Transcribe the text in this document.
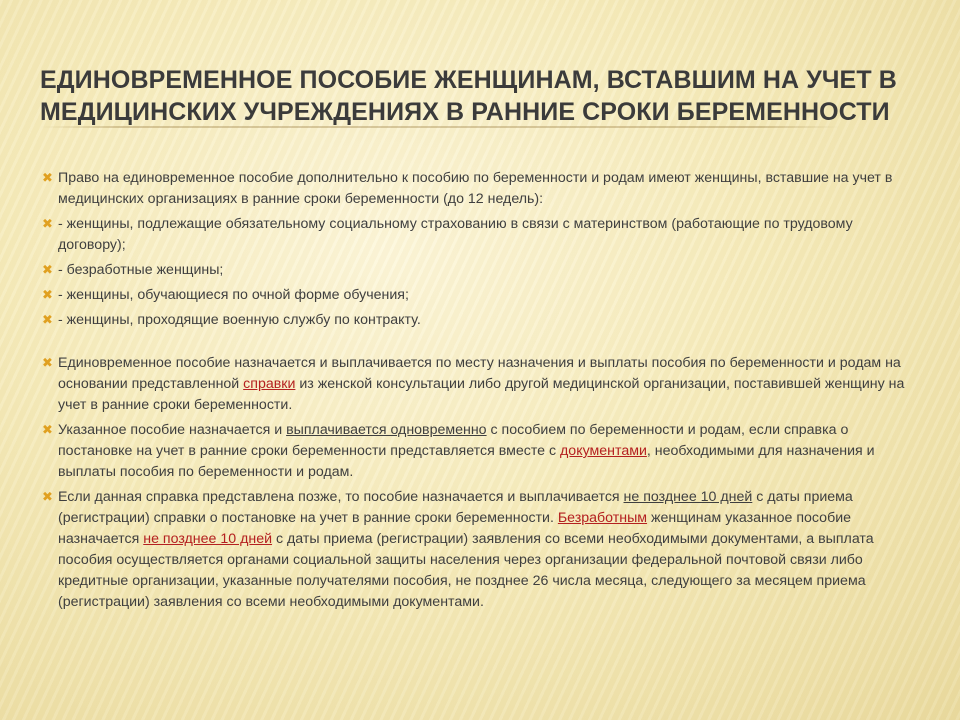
ЕДИНОВРЕМЕННОЕ ПОСОБИЕ ЖЕНЩИНАМ, ВСТАВШИМ НА УЧЕТ В
МЕДИЦИНСКИХ УЧРЕЖДЕНИЯХ В РАННИЕ СРОКИ БЕРЕМЕННОСТИ
✖ Право на единовременное пособие дополнительно к пособию по беременности и родам имеют женщины, вставшие на учет в медицинских организациях в ранние сроки беременности (до 12 недель):
✖ - женщины, подлежащие обязательному социальному страхованию в связи с материнством (работающие по трудовому договору);
✖ - безработные женщины;
✖ - женщины, обучающиеся по очной форме обучения;
✖ - женщины, проходящие военную службу по контракту.
✖ Единовременное пособие назначается и выплачивается по месту назначения и выплаты пособия по беременности и родам на основании представленной справки из женской консультации либо другой медицинской организации, поставившей женщину на учет в ранние сроки беременности.
✖ Указанное пособие назначается и выплачивается одновременно с пособием по беременности и родам, если справка о постановке на учет в ранние сроки беременности представляется вместе с документами, необходимыми для назначения и выплаты пособия по беременности и родам.
✖ Если данная справка представлена позже, то пособие назначается и выплачивается не позднее 10 дней с даты приема (регистрации) справки о постановке на учет в ранние сроки беременности. Безработным женщинам указанное пособие назначается не позднее 10 дней с даты приема (регистрации) заявления со всеми необходимыми документами, а выплата пособия осуществляется органами социальной защиты населения через организации федеральной почтовой связи либо кредитные организации, указанные получателями пособия, не позднее 26 числа месяца, следующего за месяцем приема (регистрации) заявления со всеми необходимыми документами.
